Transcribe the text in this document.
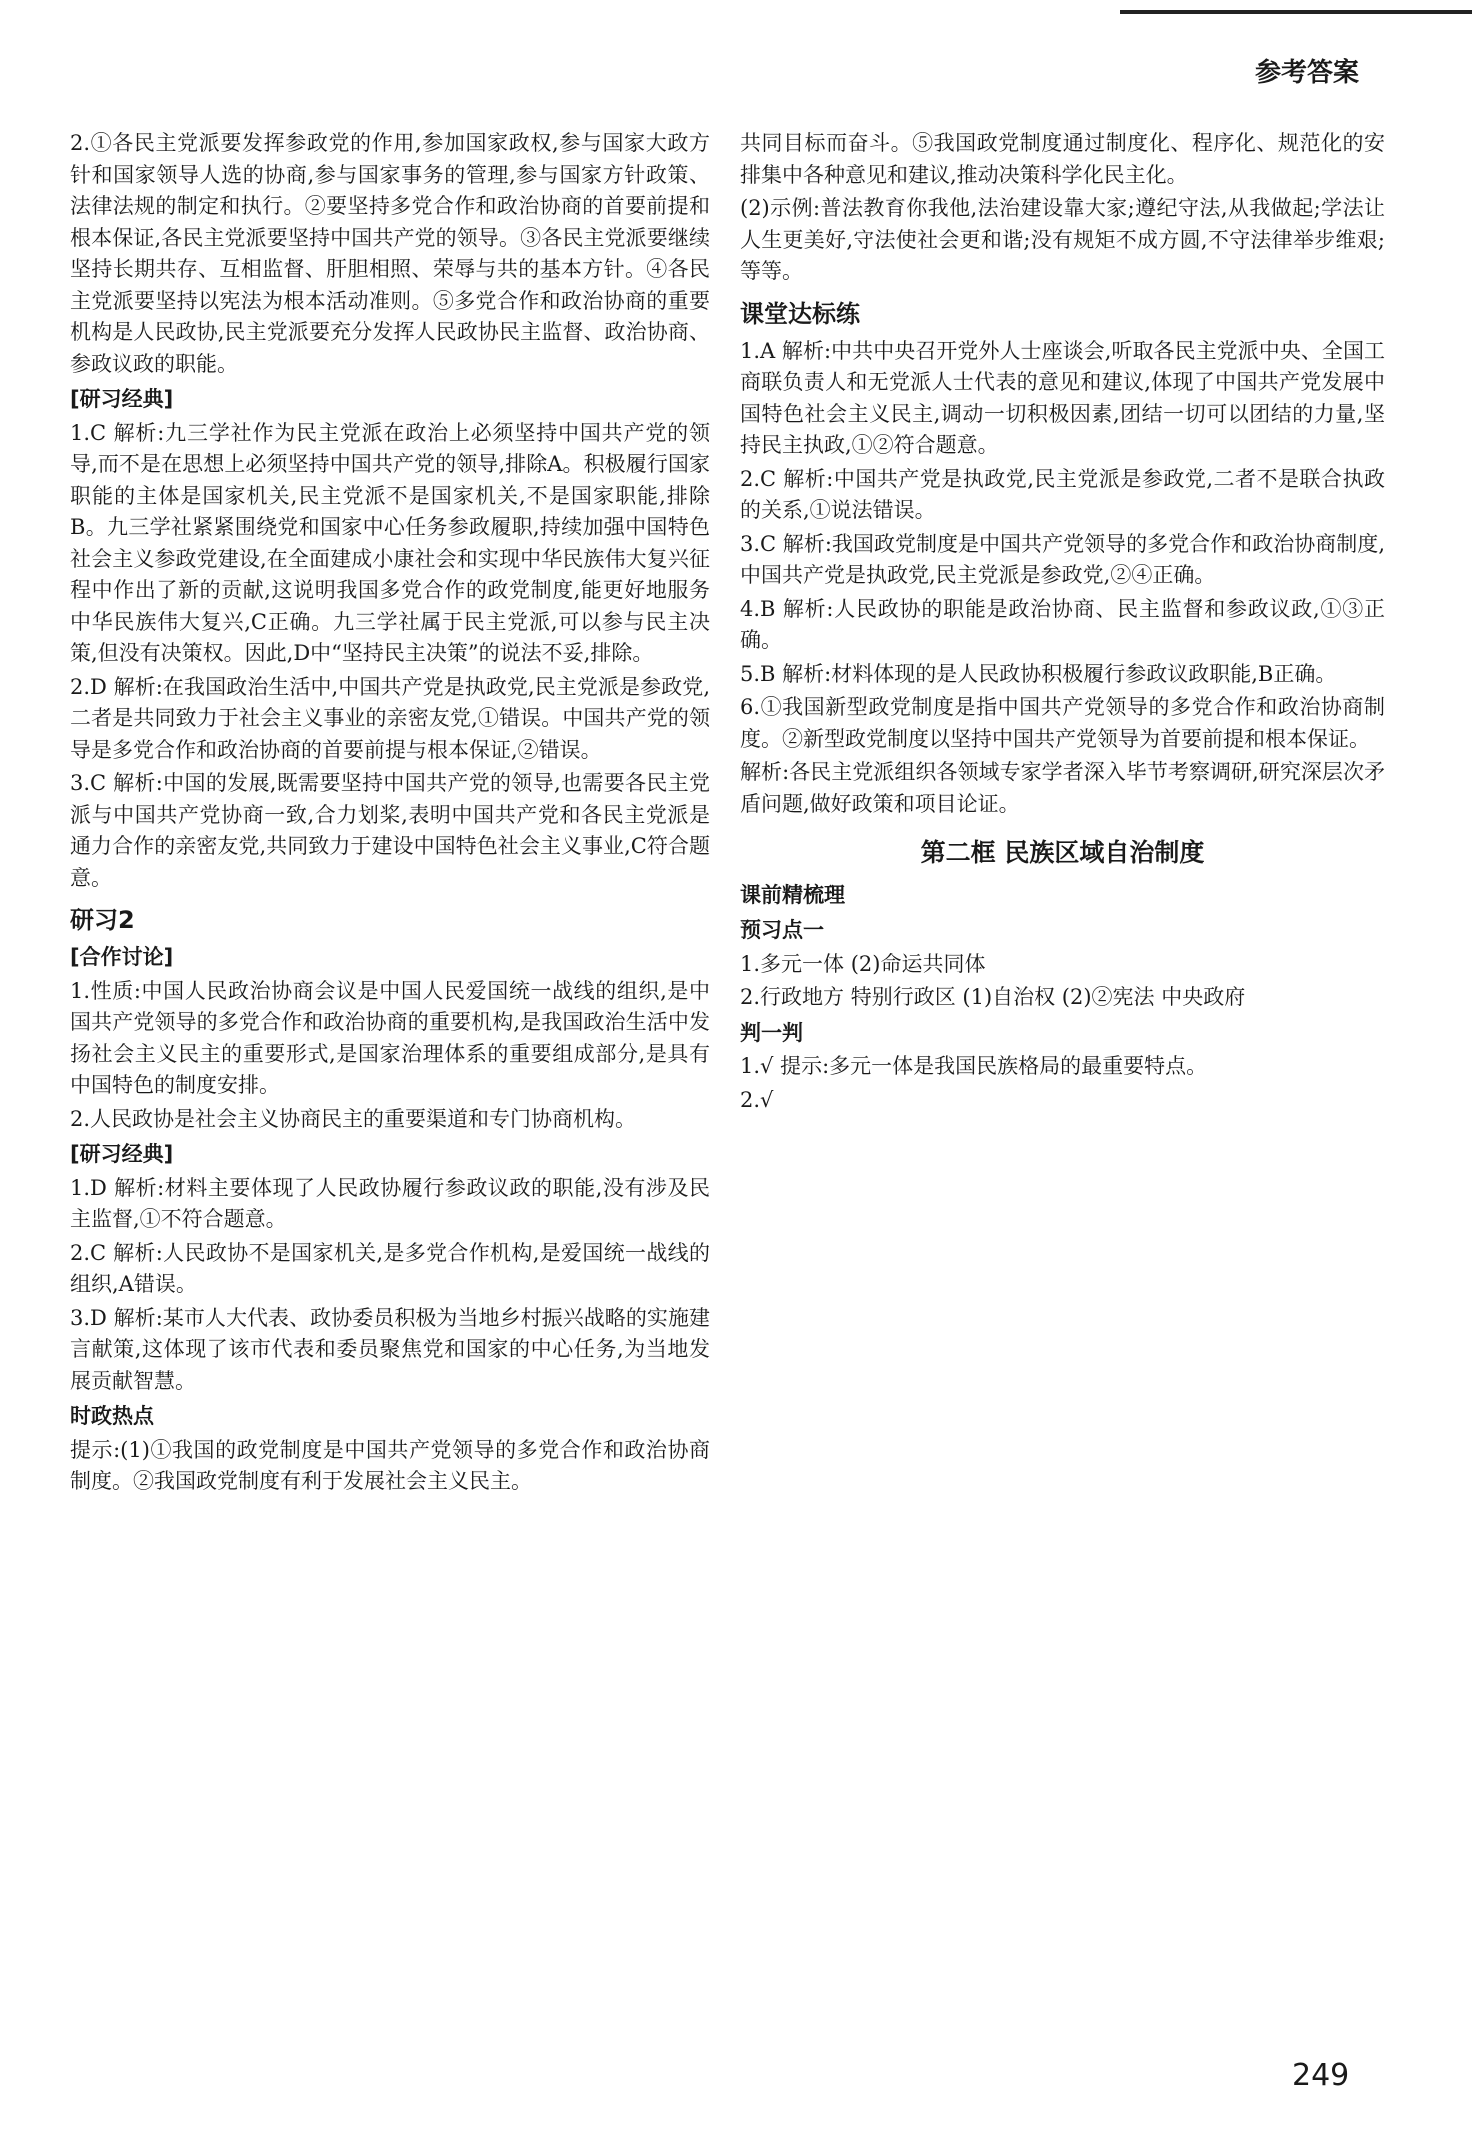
参考答案

2.①各民主党派要发挥参政党的作用,参加国家政权,参与国家大政方针和国家领导人选的协商,参与国家事务的管理,参与国家方针政策、法律法规的制定和执行。②要坚持多党合作和政治协商的首要前提和根本保证,各民主党派要坚持中国共产党的领导。③各民主党派要继续坚持长期共存、互相监督、肝胆相照、荣辱与共的基本方针。④各民主党派要坚持以宪法为根本活动准则。⑤多党合作和政治协商的重要机构是人民政协,民主党派要充分发挥人民政协民主监督、政治协商、参政议政的职能。

[研习经典]

1.C 解析:九三学社作为民主党派在政治上必须坚持中国共产党的领导,而不是在思想上必须坚持中国共产党的领导,排除A。积极履行国家职能的主体是国家机关,民主党派不是国家机关,不是国家职能,排除B。九三学社紧紧围绕党和国家中心任务参政履职,持续加强中国特色社会主义参政党建设,在全面建成小康社会和实现中华民族伟大复兴征程中作出了新的贡献,这说明我国多党合作的政党制度,能更好地服务中华民族伟大复兴,C正确。九三学社属于民主党派,可以参与民主决策,但没有决策权。因此,D中“坚持民主决策”的说法不妥,排除。

2.D 解析:在我国政治生活中,中国共产党是执政党,民主党派是参政党,二者是共同致力于社会主义事业的亲密友党,①错误。中国共产党的领导是多党合作和政治协商的首要前提与根本保证,②错误。

3.C 解析:中国的发展,既需要坚持中国共产党的领导,也需要各民主党派与中国共产党协商一致,合力划桨,表明中国共产党和各民主党派是通力合作的亲密友党,共同致力于建设中国特色社会主义事业,C符合题意。

研习2
[合作讨论]

1.性质:中国人民政治协商会议是中国人民爱国统一战线的组织,是中国共产党领导的多党合作和政治协商的重要机构,是我国政治生活中发扬社会主义民主的重要形式,是国家治理体系的重要组成部分,是具有中国特色的制度安排。

2.人民政协是社会主义协商民主的重要渠道和专门协商机构。

[研习经典]

1.D 解析:材料主要体现了人民政协履行参政议政的职能,没有涉及民主监督,①不符合题意。

2.C 解析:人民政协不是国家机关,是多党合作机构,是爱国统一战线的组织,A错误。

3.D 解析:某市人大代表、政协委员积极为当地乡村振兴战略的实施建言献策,这体现了该市代表和委员聚焦党和国家的中心任务,为当地发展贡献智慧。

时政热点

提示:(1)①我国的政党制度是中国共产党领导的多党合作和政治协商制度。②我国政党制度有利于发展社会主义民主。

共同目标而奋斗。⑤我国政党制度通过制度化、程序化、规范化的安排集中各种意见和建议,推动决策科学化民主化。

(2)示例:普法教育你我他,法治建设靠大家;遵纪守法,从我做起;学法让人生更美好,守法使社会更和谐;没有规矩不成方圆,不守法律举步维艰;等等。

课堂达标练

1.A 解析:中共中央召开党外人士座谈会,听取各民主党派中央、全国工商联负责人和无党派人士代表的意见和建议,体现了中国共产党发展中国特色社会主义民主,调动一切积极因素,团结一切可以团结的力量,坚持民主执政,①②符合题意。

2.C 解析:中国共产党是执政党,民主党派是参政党,二者不是联合执政的关系,①说法错误。

3.C 解析:我国政党制度是中国共产党领导的多党合作和政治协商制度,中国共产党是执政党,民主党派是参政党,②④正确。

4.B 解析:人民政协的职能是政治协商、民主监督和参政议政,①③正确。

5.B 解析:材料体现的是人民政协积极履行参政议政职能,B正确。

6.①我国新型政党制度是指中国共产党领导的多党合作和政治协商制度。②新型政党制度以坚持中国共产党领导为首要前提和根本保证。

解析:各民主党派组织各领域专家学者深入毕节考察调研,研究深层次矛盾问题,做好政策和项目论证。

第二框 民族区域自治制度
课前精梳理
预习点一

1.多元一体 (2)命运共同体

2.行政地方 特别行政区 (1)自治权 (2)②宪法 中央政府

判一判

1.√ 提示:多元一体是我国民族格局的最重要特点。

2.√

249
